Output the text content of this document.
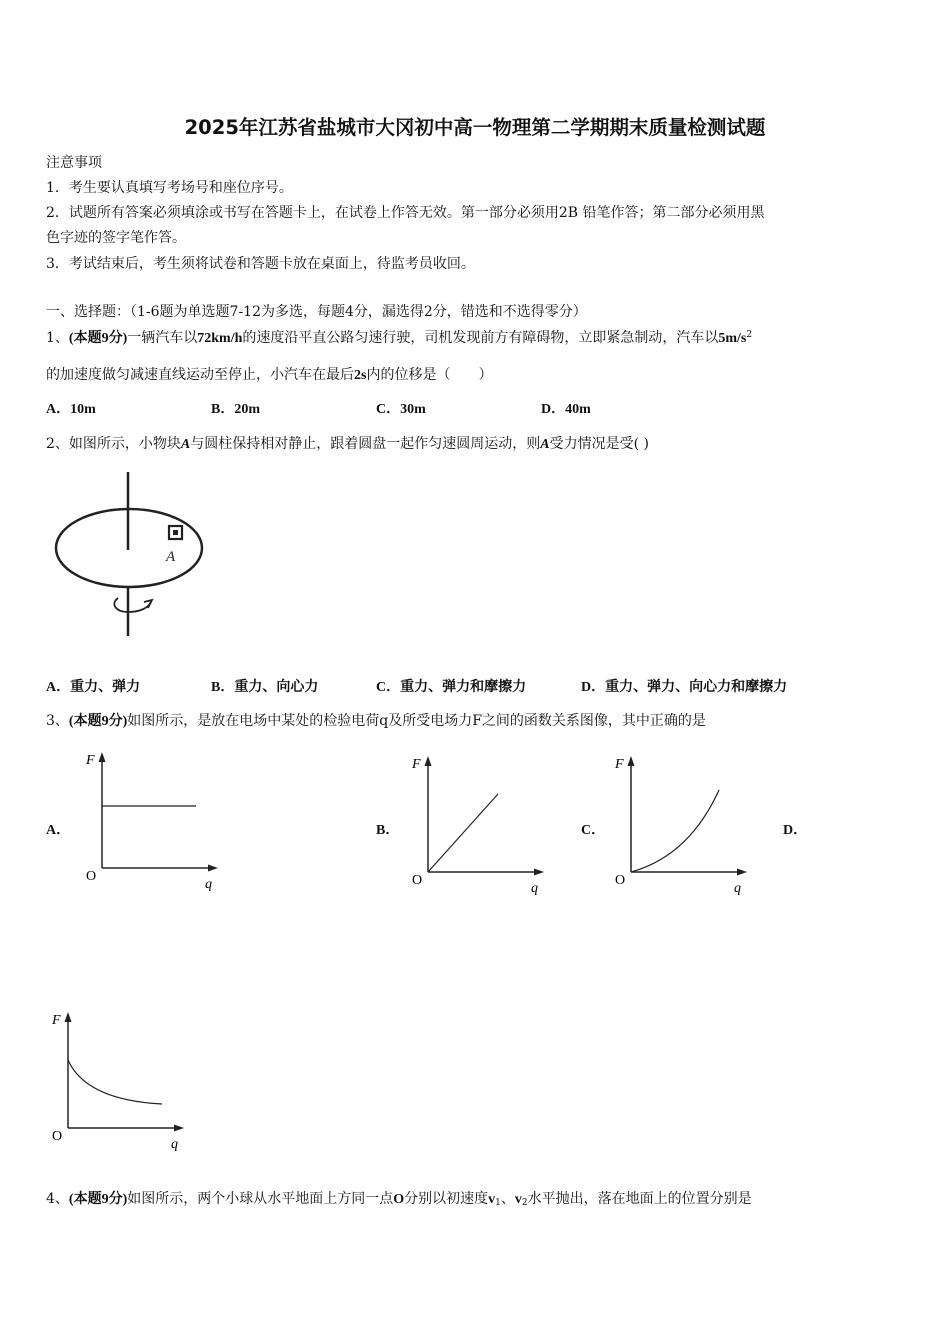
2025年江苏省盐城市大冈初中高一物理第二学期期末质量检测试题
注意事项
1．考生要认真填写考场号和座位序号。
2．试题所有答案必须填涂或书写在答题卡上，在试卷上作答无效。第一部分必须用2B 铅笔作答；第二部分必须用黑
色字迹的签字笔作答。
3．考试结束后，考生须将试卷和答题卡放在桌面上，待监考员收回。
一、选择题：（1-6题为单选题7-12为多选，每题4分，漏选得2分，错选和不选得零分）
1、(本题9分)一辆汽车以72km/h的速度沿平直公路匀速行驶，司机发现前方有障碍物，立即紧急制动，汽车以$5m/s^2$
的加速度做匀减速直线运动至停止，小汽车在最后2s内的位移是（　　）
A．10m	B．20m	C．30m	D．40m
2、如图所示，小物块A与圆柱保持相对静止，跟着圆盘一起作匀速圆周运动，则A受力情况是受( )
A
A．重力、弹力	B．重力、向心力	C．重力、弹力和摩擦力	D．重力、弹力、向心力和摩擦力
3、(本题9分)如图所示，是放在电场中某处的检验电荷q及所受电场力F之间的函数关系图像，其中正确的是
A．	B．	C．	D．
F
q
O
F
q
O
F
q
O
F
q
O
4、(本题9分)如图所示，两个小球从水平地面上方同一点O分别以初速度$v_1$、$v_2$水平抛出，落在地面上的位置分别是
